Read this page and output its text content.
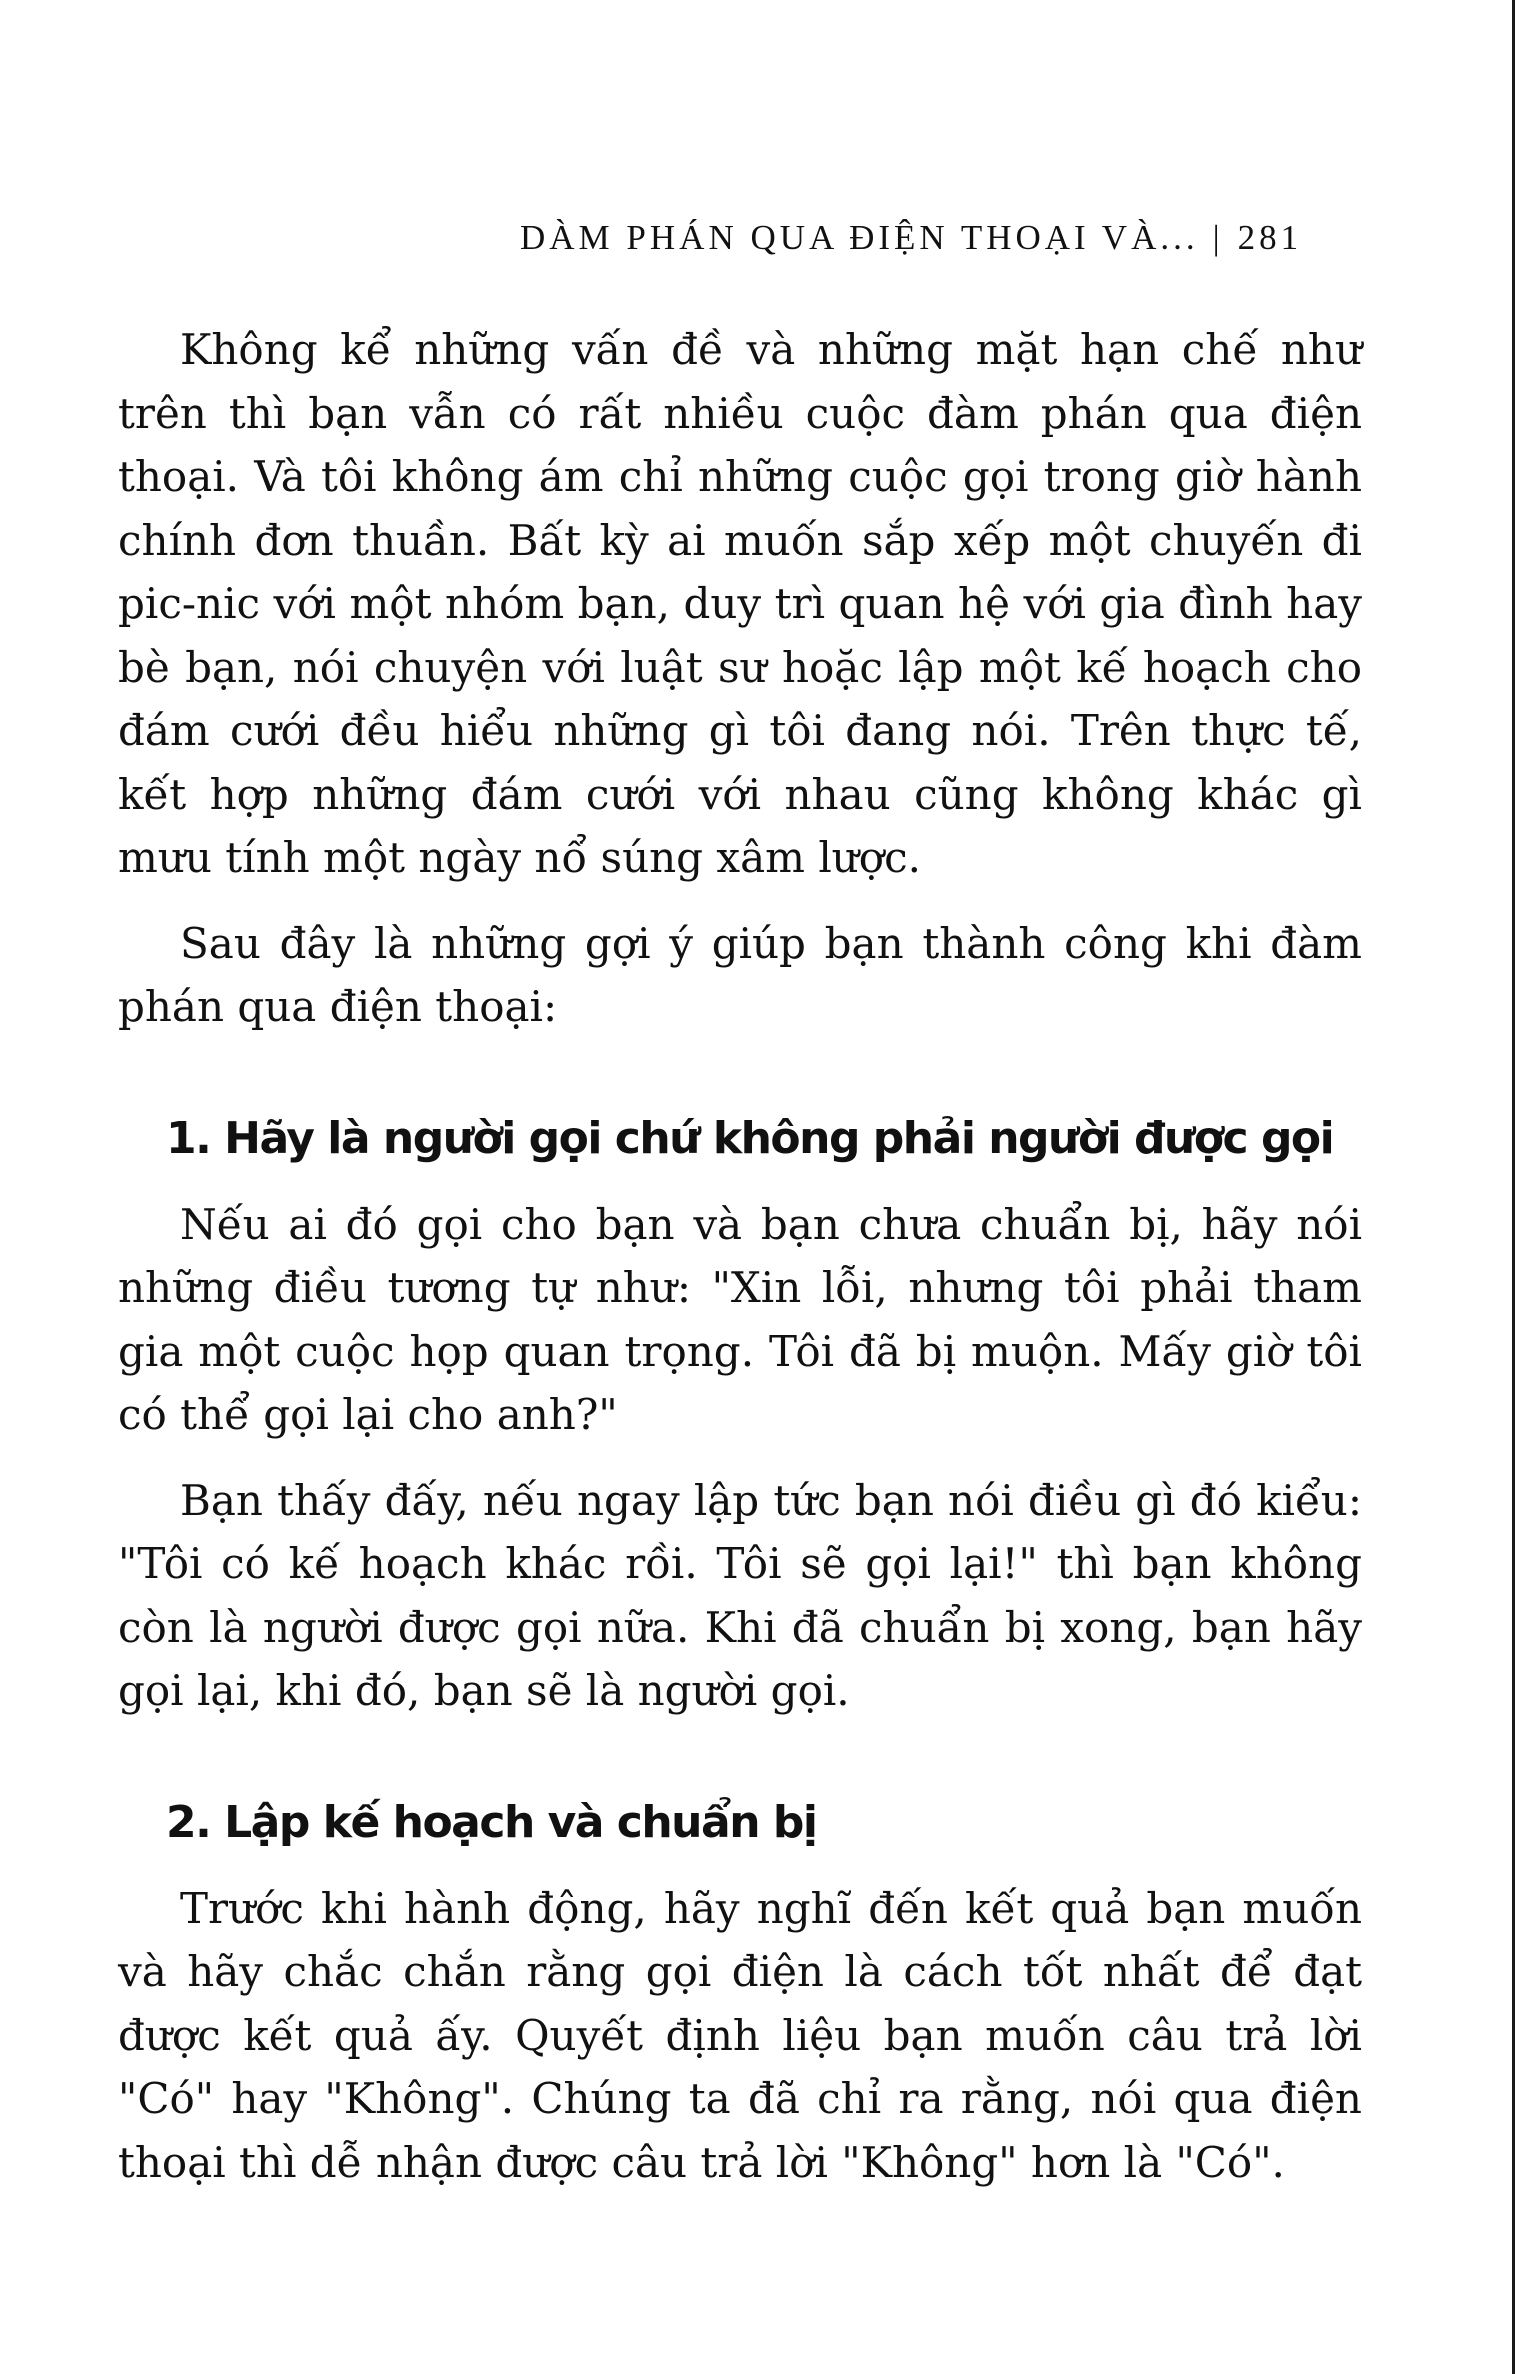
DÀM PHÁN QUA ĐIỆN THOẠI VÀ... | 281

Không kể những vấn đề và những mặt hạn chế như trên thì bạn vẫn có rất nhiều cuộc đàm phán qua điện thoại. Và tôi không ám chỉ những cuộc gọi trong giờ hành chính đơn thuần. Bất kỳ ai muốn sắp xếp một chuyến đi pic-nic với một nhóm bạn, duy trì quan hệ với gia đình hay bè bạn, nói chuyện với luật sư hoặc lập một kế hoạch cho đám cưới đều hiểu những gì tôi đang nói. Trên thực tế, kết hợp những đám cưới với nhau cũng không khác gì mưu tính một ngày nổ súng xâm lược.

Sau đây là những gợi ý giúp bạn thành công khi đàm phán qua điện thoại:

1. Hãy là người gọi chứ không phải người được gọi

Nếu ai đó gọi cho bạn và bạn chưa chuẩn bị, hãy nói những điều tương tự như: "Xin lỗi, nhưng tôi phải tham gia một cuộc họp quan trọng. Tôi đã bị muộn. Mấy giờ tôi có thể gọi lại cho anh?"

Bạn thấy đấy, nếu ngay lập tức bạn nói điều gì đó kiểu: "Tôi có kế hoạch khác rồi. Tôi sẽ gọi lại!" thì bạn không còn là người được gọi nữa. Khi đã chuẩn bị xong, bạn hãy gọi lại, khi đó, bạn sẽ là người gọi.

2. Lập kế hoạch và chuẩn bị

Trước khi hành động, hãy nghĩ đến kết quả bạn muốn và hãy chắc chắn rằng gọi điện là cách tốt nhất để đạt được kết quả ấy. Quyết định liệu bạn muốn câu trả lời "Có" hay "Không". Chúng ta đã chỉ ra rằng, nói qua điện thoại thì dễ nhận được câu trả lời "Không" hơn là "Có".
